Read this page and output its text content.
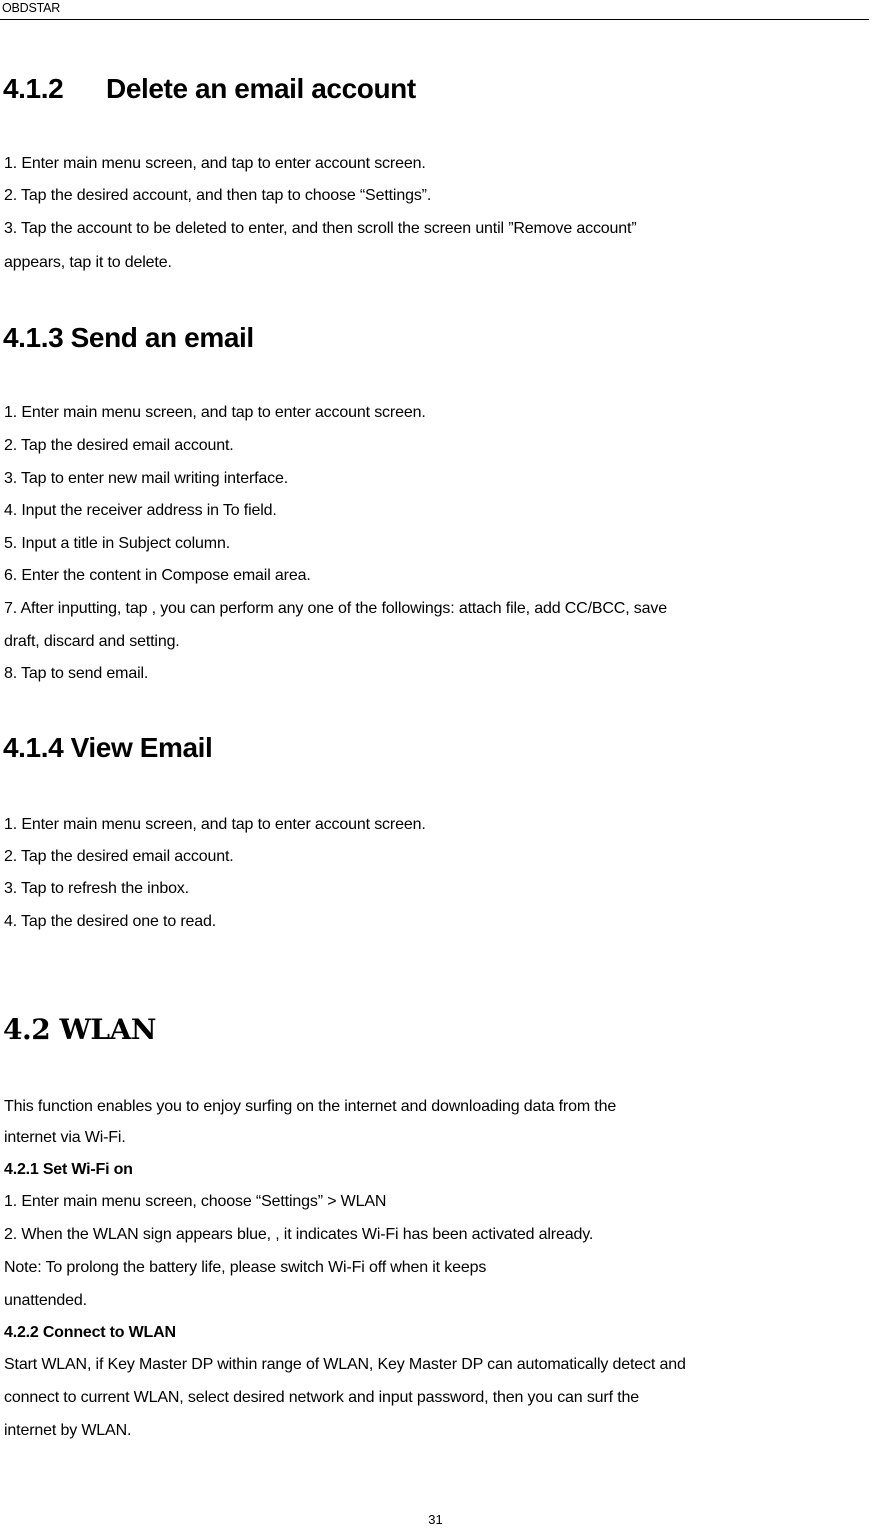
OBDSTAR
4.1.2 Delete an email account
1. Enter main menu screen, and tap to enter account screen.
2. Tap the desired account, and then tap to choose “Settings”.
3. Tap the account to be deleted to enter, and then scroll the screen until ”Remove account”
appears, tap it to delete.
4.1.3 Send an email
1. Enter main menu screen, and tap to enter account screen.
2. Tap the desired email account.
3. Tap to enter new mail writing interface.
4. Input the receiver address in To field.
5. Input a title in Subject column.
6. Enter the content in Compose email area.
7. After inputting, tap , you can perform any one of the followings: attach file, add CC/BCC, save
draft, discard and setting.
8. Tap to send email.
4.1.4 View Email
1. Enter main menu screen, and tap to enter account screen.
2. Tap the desired email account.
3. Tap to refresh the inbox.
4. Tap the desired one to read.
4.2 WLAN
This function enables you to enjoy surfing on the internet and downloading data from the
internet via Wi-Fi.
4.2.1 Set Wi-Fi on
1. Enter main menu screen, choose “Settings” > WLAN
2. When the WLAN sign appears blue, , it indicates Wi-Fi has been activated already.
Note: To prolong the battery life, please switch Wi-Fi off when it keeps
unattended.
4.2.2 Connect to WLAN
Start WLAN, if Key Master DP within range of WLAN, Key Master DP can automatically detect and
connect to current WLAN, select desired network and input password, then you can surf the
internet by WLAN.
31
